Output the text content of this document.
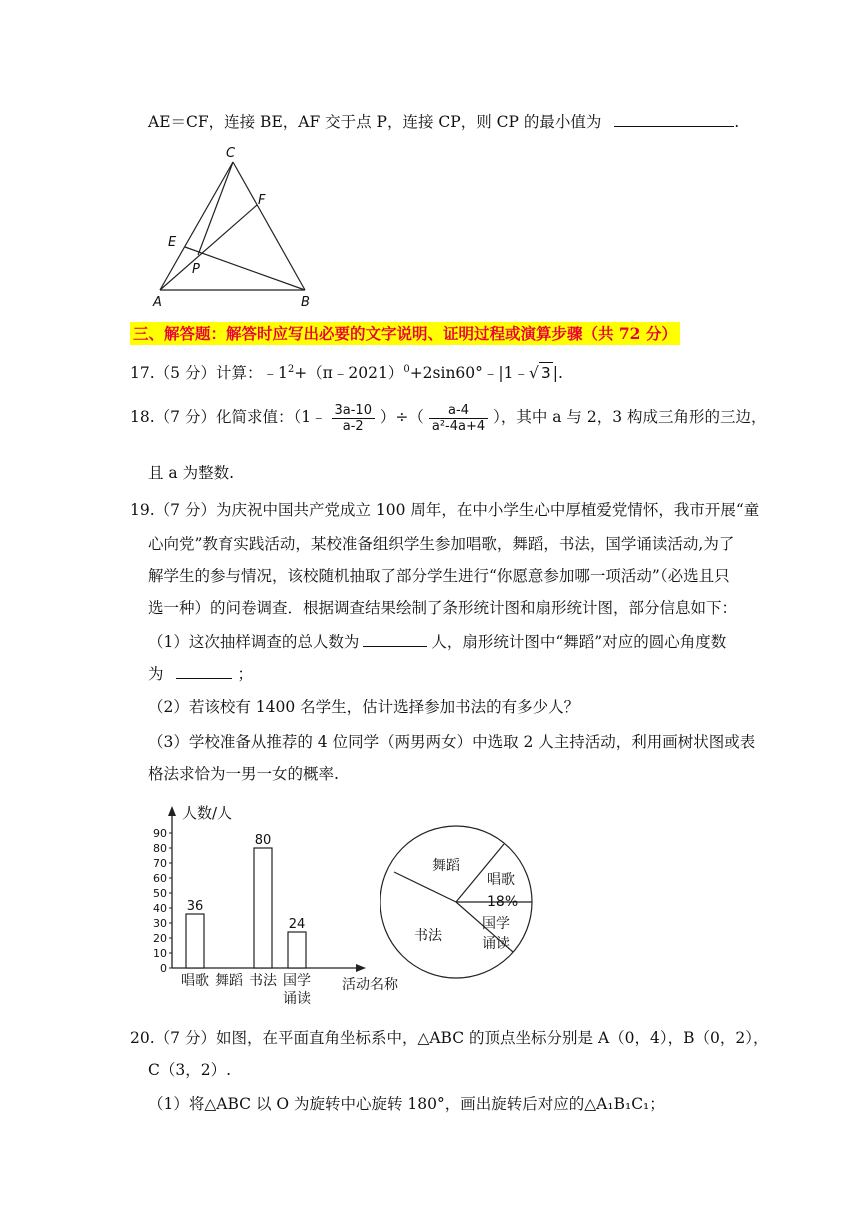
AE＝CF，连接 BE，AF 交于点 P，连接 CP，则 CP 的最小值为	.
C
F
E
P
A	B
三、解答题：解答时应写出必要的文字说明、证明过程或演算步骤（共 72 分）
17.（5 分）计算：$﹣1^2+(\pi﹣2021)^0+2\sin 60^\circ﹣|1﹣√$ 3 |.
18.（7 分）化简求值：（1﹣ $\frac{3a-10}{a-2}$ ）÷（ $\frac{a-4}{\text{a²-4a+4}}$ ），其中 a 与 2，3 构成三角形的三边，
且 a 为整数.
19.（7 分）为庆祝中国共产党成立 100 周年，在中小学生心中厚植爱党情怀，我市开展“童
心向党”教育实践活动，某校准备组织学生参加唱歌，舞蹈，书法，国学诵读活动,为了
解学生的参与情况，该校随机抽取了部分学生进行“你愿意参加哪一项活动”（必选且只
选一种）的问卷调查．根据调查结果绘制了条形统计图和扇形统计图，部分信息如下：
（1）这次抽样调查的总人数为	人，扇形统计图中“舞蹈”对应的圆心角度数
为	；
（2）若该校有 1400 名学生，估计选择参加书法的有多少人？
（3）学校准备从推荐的 4 位同学（两男两女）中选取 2 人主持活动，利用画树状图或表
格法求恰为一男一女的概率.
人数/人
0
10
20
30
40
50
60
70
80
90
36
80
24
唱歌 舞蹈 书法 国学
诵读
活动名称
舞蹈
唱歌
18%
国学
诵读
书法
20.（7 分）如图，在平面直角坐标系中，△ABC 的顶点坐标分别是 A（0，4），B（0，2），
C（3，2）.
（1）将△ABC 以 O 为旋转中心旋转 180°，画出旋转后对应的△A₁B₁C₁；
